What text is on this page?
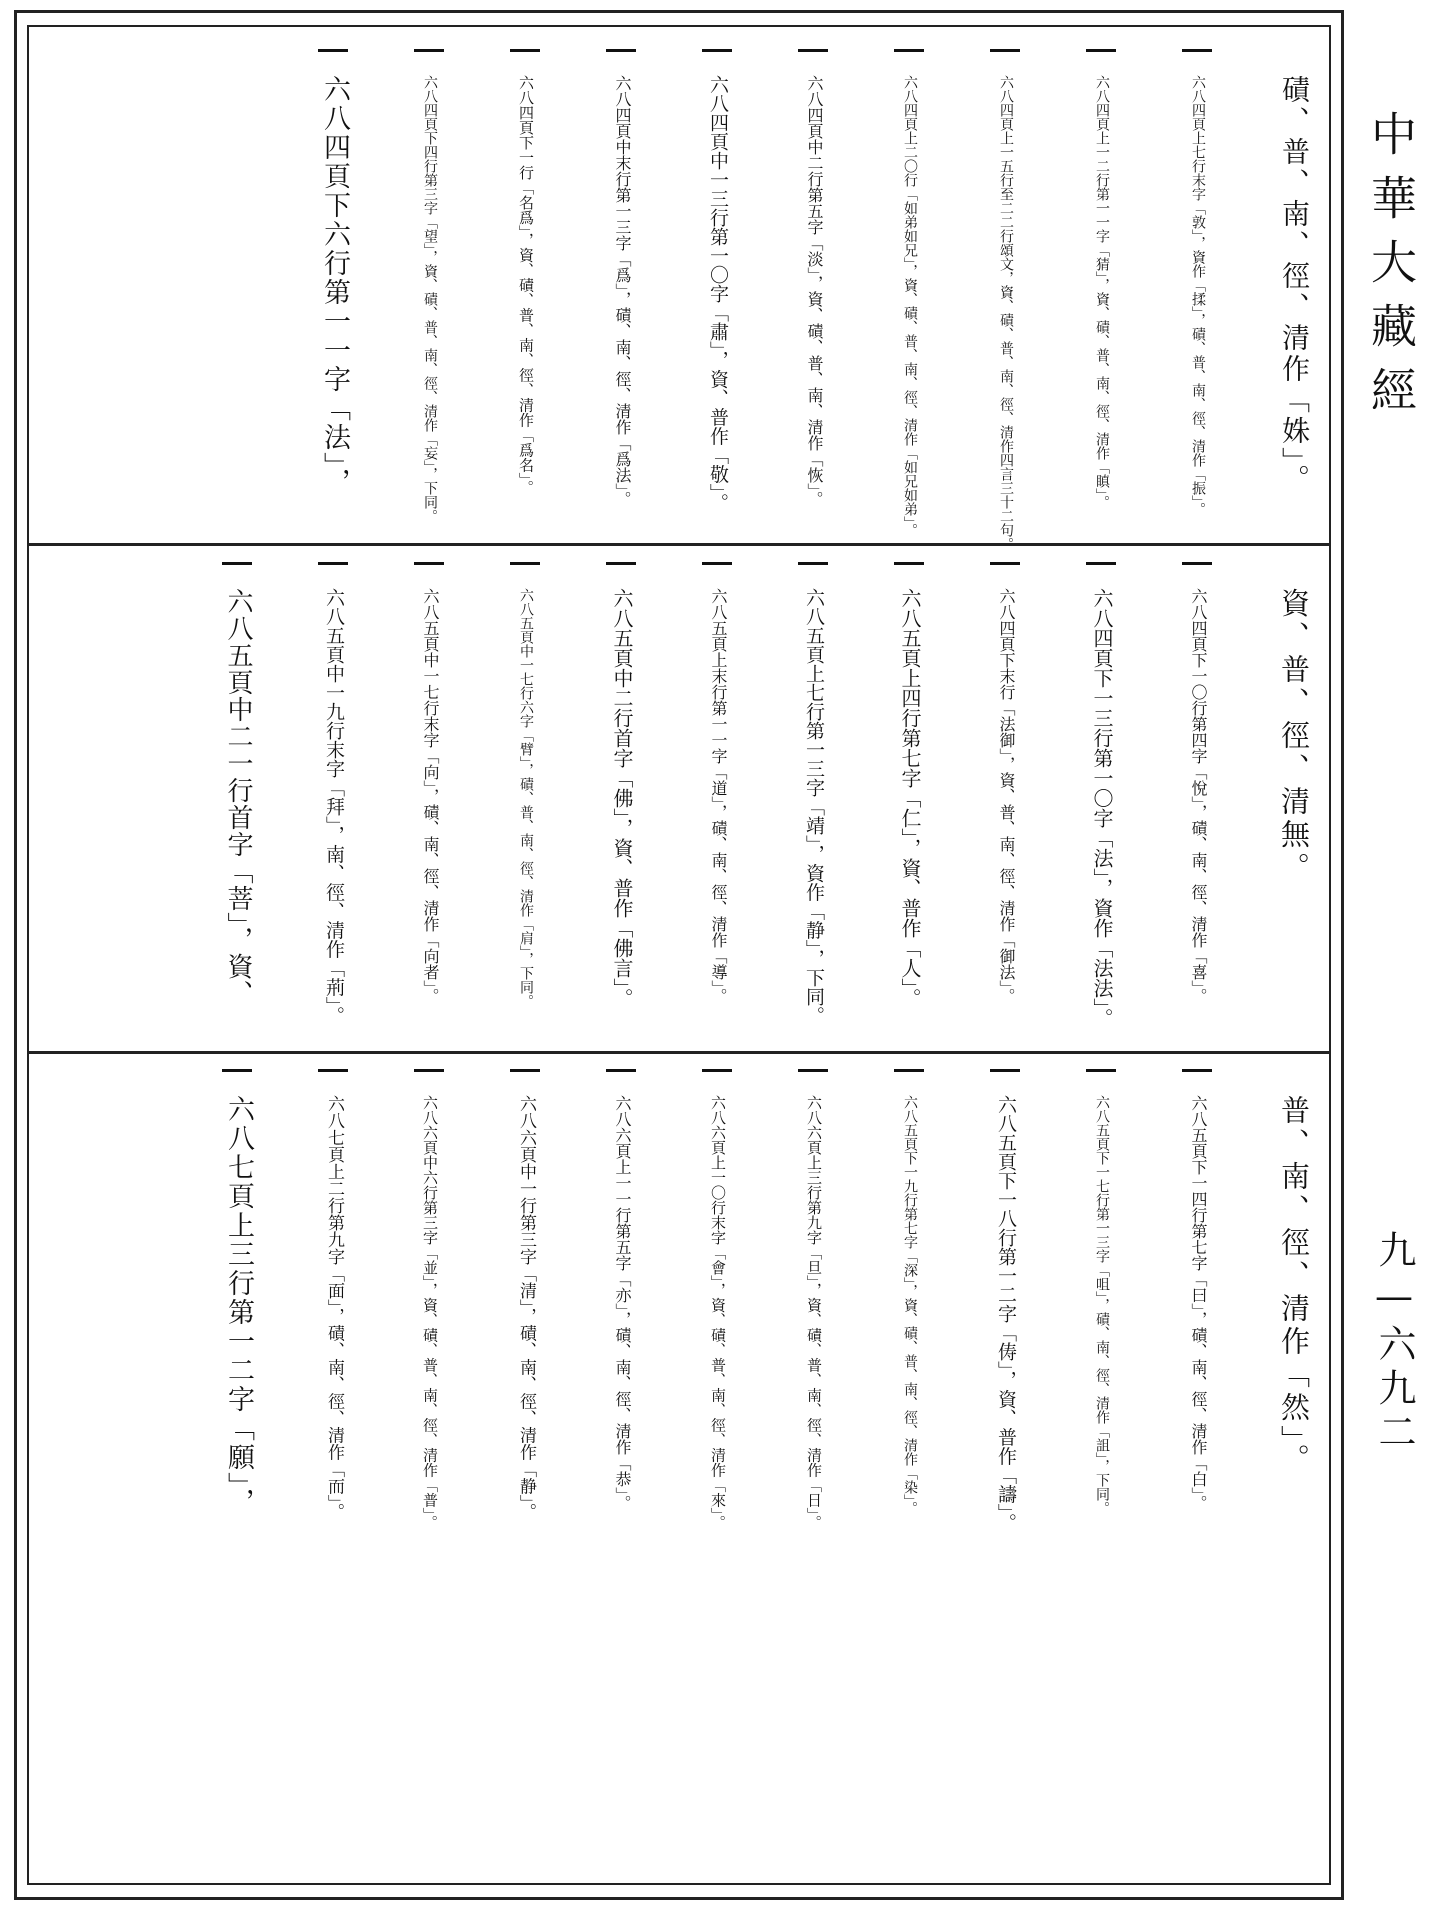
磧、普、南、徑、清作「姝」。
六八四頁上七行末字「敦」，資作「揉」，磧、普、南、徑、清作「振」。
六八四頁上一二行第一一字「猜」，資、磧、普、南、徑、清作「瞋」。
六八四頁上一五行至二二行頌文，資、磧、普、南、徑、清作四言三十二句。
六八四頁上二〇行「如弟如兄」，資、磧、普、南、徑、清作「如兄如弟」。
六八四頁中二行第五字「淡」，資、磧、普、南、清作「恢」。
六八四頁中一三行第一〇字「肅」，資、普作「敬」。
六八四頁中末行第一三字「爲」，磧、南、徑、清作「爲法」。
六八四頁下一行「名爲」，資、磧、普、南、徑、清作「爲名」。
六八四頁下四行第三字「望」，資、磧、普、南、徑、清作「妄」，下同。
六八四頁下六行第一一字「法」，
資、普、徑、清無。
六八四頁下一〇行第四字「悅」，磧、南、徑、清作「喜」。
六八四頁下一三行第一〇字「法」，資作「法法」。
六八四頁下末行「法御」，資、普、南、徑、清作「御法」。
六八五頁上四行第七字「仁」，資、普作「人」。
六八五頁上七行第一三字「靖」，資作「静」，下同。
六八五頁上末行第一一字「道」，磧、南、徑、清作「導」。
六八五頁中二行首字「佛」，資、普作「佛言」。
六八五頁中一七行六字「臂」，磧、普、南、徑、清作「肩」，下同。
六八五頁中一七行末字「向」，磧、南、徑、清作「向者」。
六八五頁中一九行末字「拜」，南、徑、清作「荊」。
六八五頁中二一行首字「菩」，資、
普、南、徑、清作「然」。
六八五頁下一四行第七字「曰」，磧、南、徑、清作「白」。
六八五頁下一七行第一三字「咀」，磧、南、徑、清作「詛」，下同。
六八五頁下一八行第一二字「俦」，資、普作「譸」。
六八五頁下一九行第七字「深」，資、磧、普、南、徑、清作「染」。
六八六頁上三行第九字「旦」，資、磧、普、南、徑、清作「日」。
六八六頁上一〇行末字「會」，資、磧、普、南、徑、清作「來」。
六八六頁上一一行第五字「亦」，磧、南、徑、清作「恭」。
六八六頁中一行第三字「清」，磧、南、徑、清作「静」。
六八六頁中六行第三字「並」，資、磧、普、南、徑、清作「普」。
六八七頁上二行第九字「面」，磧、南、徑、清作「而」。
六八七頁上三行第一二字「願」，
中華大藏經
九—六九二
